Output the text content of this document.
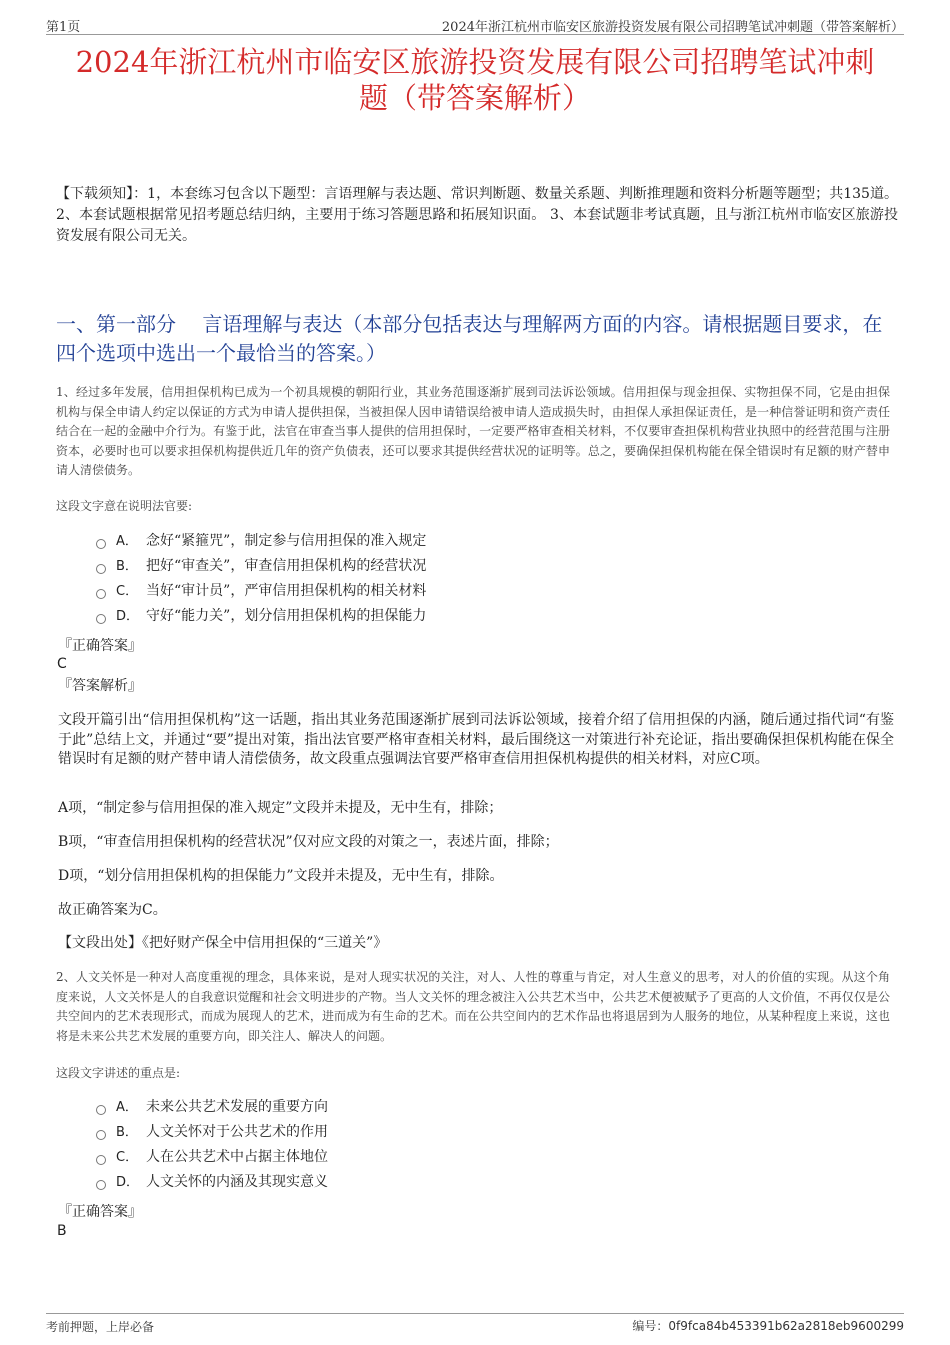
第1页	2024年浙江杭州市临安区旅游投资发展有限公司招聘笔试冲刺题（带答案解析）
2024年浙江杭州市临安区旅游投资发展有限公司招聘笔试冲刺
题（带答案解析）
【下载须知】：1，本套练习包含以下题型：言语理解与表达题、常识判断题、数量关系题、判断推理题和资料分析题等题型；共135道。 2、本套试题根据常见招考题总结归纳，主要用于练习答题思路和拓展知识面。 3、本套试题非考试真题，且与浙江杭州市临安区旅游投资发展有限公司无关。
一、第一部分　 言语理解与表达（本部分包括表达与理解两方面的内容。请根据题目要求，在四个选项中选出一个最恰当的答案。）
1、经过多年发展，信用担保机构已成为一个初具规模的朝阳行业，其业务范围逐渐扩展到司法诉讼领域。信用担保与现金担保、实物担保不同，它是由担保机构与保全申请人约定以保证的方式为申请人提供担保，当被担保人因申请错误给被申请人造成损失时，由担保人承担保证责任，是一种信誉证明和资产责任结合在一起的金融中介行为。有鉴于此，法官在审查当事人提供的信用担保时，一定要严格审查相关材料，不仅要审查担保机构营业执照中的经营范围与注册资本，必要时也可以要求担保机构提供近几年的资产负债表，还可以要求其提供经营状况的证明等。总之，要确保担保机构能在保全错误时有足额的财产替申请人清偿债务。
这段文字意在说明法官要:
A． 念好“紧箍咒”，制定参与信用担保的准入规定
B． 把好“审查关”，审查信用担保机构的经营状况
C． 当好“审计员”，严审信用担保机构的相关材料
D． 守好“能力关”，划分信用担保机构的担保能力
『正确答案』
C
『答案解析』
文段开篇引出“信用担保机构”这一话题，指出其业务范围逐渐扩展到司法诉讼领域，接着介绍了信用担保的内涵，随后通过指代词“有鉴于此”总结上文，并通过“要”提出对策，指出法官要严格审查相关材料，最后围绕这一对策进行补充论证，指出要确保担保机构能在保全错误时有足额的财产替申请人清偿债务，故文段重点强调法官要严格审查信用担保机构提供的相关材料，对应C项。
A项，“制定参与信用担保的准入规定”文段并未提及，无中生有，排除；
B项，“审查信用担保机构的经营状况”仅对应文段的对策之一，表述片面，排除；
D项，“划分信用担保机构的担保能力”文段并未提及，无中生有，排除。
故正确答案为C。
【文段出处】《把好财产保全中信用担保的“三道关”》
2、人文关怀是一种对人高度重视的理念，具体来说，是对人现实状况的关注，对人、人性的尊重与肯定，对人生意义的思考，对人的价值的实现。从这个角度来说，人文关怀是人的自我意识觉醒和社会文明进步的产物。当人文关怀的理念被注入公共艺术当中，公共艺术便被赋予了更高的人文价值，不再仅仅是公共空间内的艺术表现形式，而成为展现人的艺术，进而成为有生命的艺术。而在公共空间内的艺术作品也将退居到为人服务的地位，从某种程度上来说，这也将是未来公共艺术发展的重要方向，即关注人、解决人的问题。
这段文字讲述的重点是:
A． 未来公共艺术发展的重要方向
B． 人文关怀对于公共艺术的作用
C． 人在公共艺术中占据主体地位
D． 人文关怀的内涵及其现实意义
『正确答案』
B
考前押题，上岸必备	编号：0f9fca84b453391b62a2818eb9600299
